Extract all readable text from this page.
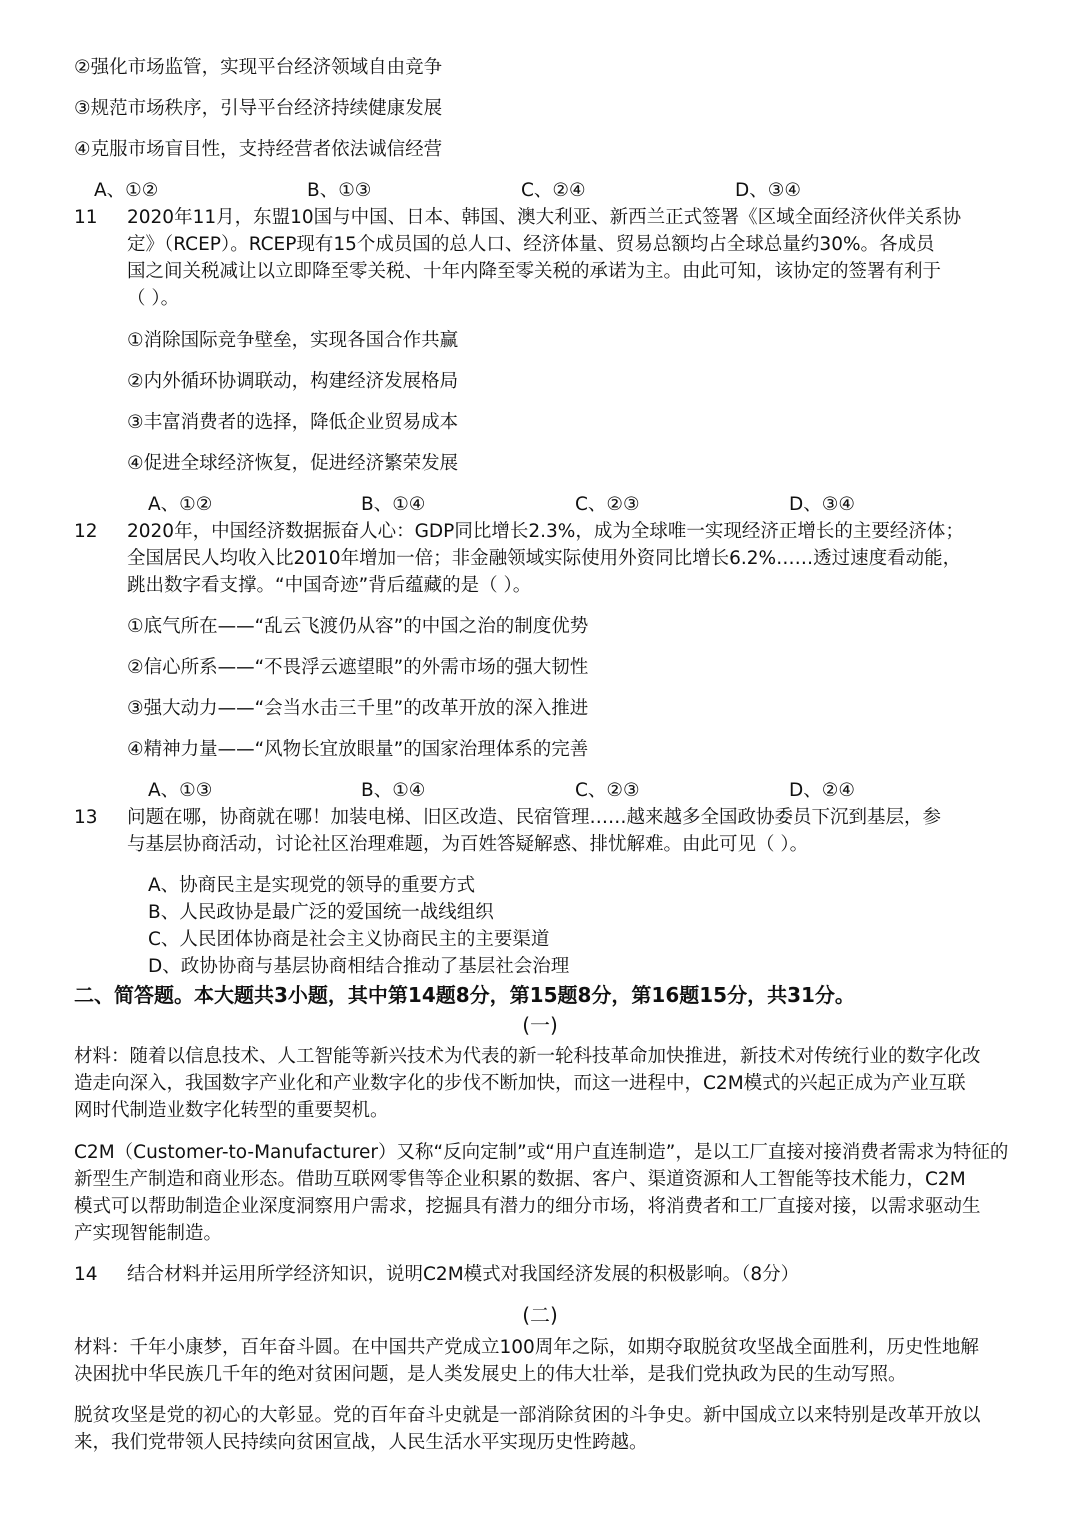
②强化市场监管，实现平台经济领域自由竞争
③规范市场秩序，引导平台经济持续健康发展
④克服市场盲目性，支持经营者依法诚信经营
A、①②	B、①③	C、②④	D、③④
11 2020年11月，东盟10国与中国、日本、韩国、澳大利亚、新西兰正式签署《区域全面经济伙伴关系协
定》（RCEP）。RCEP现有15个成员国的总人口、经济体量、贸易总额均占全球总量约30%。各成员
国之间关税减让以立即降至零关税、十年内降至零关税的承诺为主。由此可知，该协定的签署有利于
（ ）。
①消除国际竞争壁垒，实现各国合作共赢
②内外循环协调联动，构建经济发展格局
③丰富消费者的选择，降低企业贸易成本
④促进全球经济恢复，促进经济繁荣发展
A、①②	B、①④	C、②③	D、③④
12 2020年，中国经济数据振奋人心：GDP同比增长2.3%，成为全球唯一实现经济正增长的主要经济体；
全国居民人均收入比2010年增加一倍；非金融领域实际使用外资同比增长6.2%……透过速度看动能，
跳出数字看支撑。“中国奇迹”背后蕴藏的是（ ）。
①底气所在——“乱云飞渡仍从容”的中国之治的制度优势
②信心所系——“不畏浮云遮望眼”的外需市场的强大韧性
③强大动力——“会当水击三千里”的改革开放的深入推进
④精神力量——“风物长宜放眼量”的国家治理体系的完善
A、①③	B、①④	C、②③	D、②④
13 问题在哪，协商就在哪！加装电梯、旧区改造、民宿管理……越来越多全国政协委员下沉到基层，参
与基层协商活动，讨论社区治理难题，为百姓答疑解惑、排忧解难。由此可见（ ）。
A、协商民主是实现党的领导的重要方式
B、人民政协是最广泛的爱国统一战线组织
C、人民团体协商是社会主义协商民主的主要渠道
D、政协协商与基层协商相结合推动了基层社会治理
二、简答题。本大题共3小题，其中第14题8分，第15题8分，第16题15分，共31分。
(一)
材料：随着以信息技术、人工智能等新兴技术为代表的新一轮科技革命加快推进，新技术对传统行业的数字化改
造走向深入，我国数字产业化和产业数字化的步伐不断加快，而这一进程中，C2M模式的兴起正成为产业互联
网时代制造业数字化转型的重要契机。
C2M（Customer-to-Manufacturer）又称“反向定制”或“用户直连制造”，是以工厂直接对接消费者需求为特征的
新型生产制造和商业形态。借助互联网零售等企业积累的数据、客户、渠道资源和人工智能等技术能力，C2M
模式可以帮助制造企业深度洞察用户需求，挖掘具有潜力的细分市场，将消费者和工厂直接对接，以需求驱动生
产实现智能制造。
14 结合材料并运用所学经济知识，说明C2M模式对我国经济发展的积极影响。（8分）
(二)
材料：千年小康梦，百年奋斗圆。在中国共产党成立100周年之际，如期夺取脱贫攻坚战全面胜利，历史性地解
决困扰中华民族几千年的绝对贫困问题，是人类发展史上的伟大壮举，是我们党执政为民的生动写照。
脱贫攻坚是党的初心的大彰显。党的百年奋斗史就是一部消除贫困的斗争史。新中国成立以来特别是改革开放以
来，我们党带领人民持续向贫困宣战，人民生活水平实现历史性跨越。
